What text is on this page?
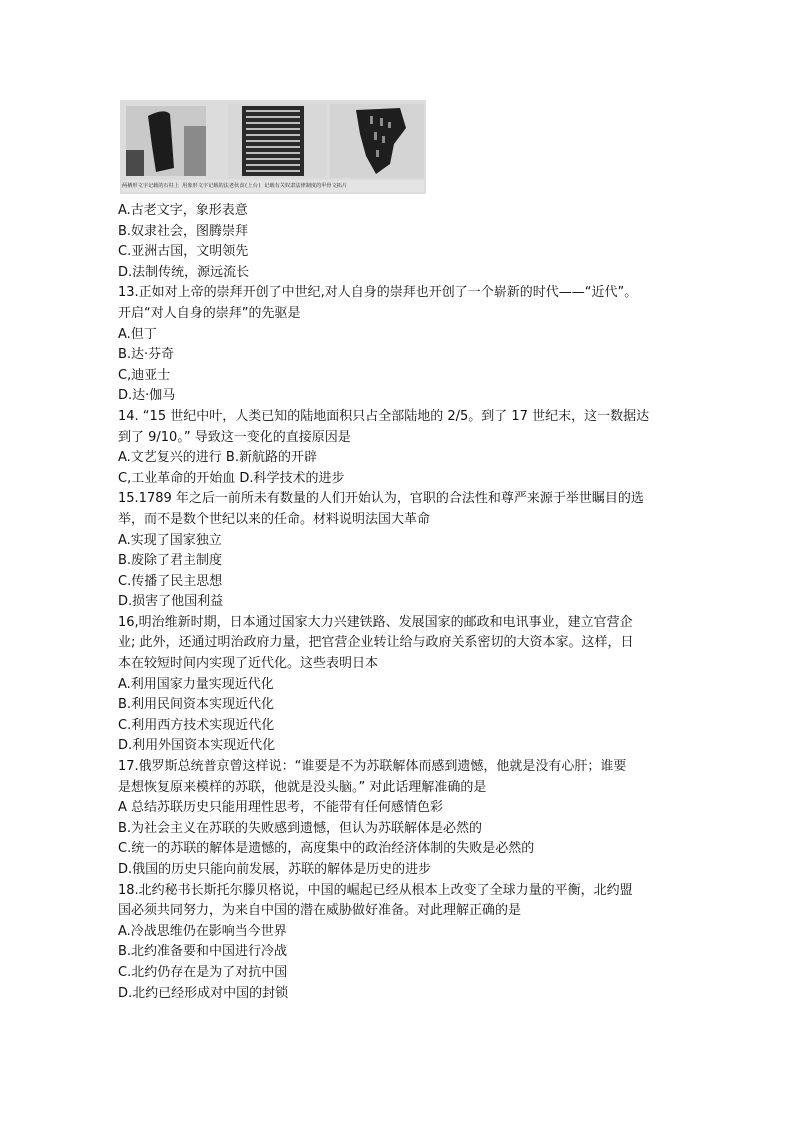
两栖形文字记载的石柱上 用象形文字记载的法老伙食(上台) 记载有关奴隶法律制度的甲骨文拓片
A.古老文字，象形表意
B.奴隶社会，图腾崇拜
C.亚洲古国，文明领先
D.法制传统，源远流长
13.正如对上帝的崇拜开创了中世纪,对人自身的崇拜也开创了一个崭新的时代——“近代”。
开启“对人自身的崇拜”的先驱是
A.但丁
B.达·芬奇
C,迪亚士
D.达·伽马
14. “15 世纪中叶，人类已知的陆地面积只占全部陆地的 2/5。到了 17 世纪末，这一数据达
到了 9/10。” 导致这一变化的直接原因是
A.文艺复兴的进行 B.新航路的开辟
C,工业革命的开始血 D.科学技术的进步
15.1789 年之后一前所未有数量的人们开始认为，官职的合法性和尊严来源于举世瞩目的选
举，而不是数个世纪以来的任命。材料说明法国大革命
A.实现了国家独立
B.废除了君主制度
C.传播了民主思想
D.损害了他国利益
16,明治维新时期，日本通过国家大力兴建铁路、发展国家的邮政和电讯事业，建立官营企
业; 此外，还通过明治政府力量，把官营企业转让给与政府关系密切的大资本家。这样，日
本在较短时间内实现了近代化。这些表明日本
A.利用国家力量实现近代化
B.利用民间资本实现近代化
C.利用西方技术实现近代化
D.利用外国资本实现近代化
17.俄罗斯总统普京曾这样说：“谁要是不为苏联解体而感到遗憾，他就是没有心肝；谁要
是想恢复原来模样的苏联，他就是没头脑。” 对此话理解准确的是
A 总结苏联历史只能用理性思考，不能带有任何感情色彩
B.为社会主义在苏联的失败感到遗憾，但认为苏联解体是必然的
C.统一的苏联的解体是遗憾的，高度集中的政治经济体制的失败是必然的
D.俄国的历史只能向前发展，苏联的解体是历史的进步
18.北约秘书长斯托尔滕贝格说，中国的崛起已经从根本上改变了全球力量的平衡，北约盟
国必须共同努力，为来自中国的潜在威胁做好准备。对此理解正确的是
A.冷战思维仍在影响当今世界
B.北约准备要和中国进行冷战
C.北约仍存在是为了对抗中国
D.北约已经形成对中国的封锁
